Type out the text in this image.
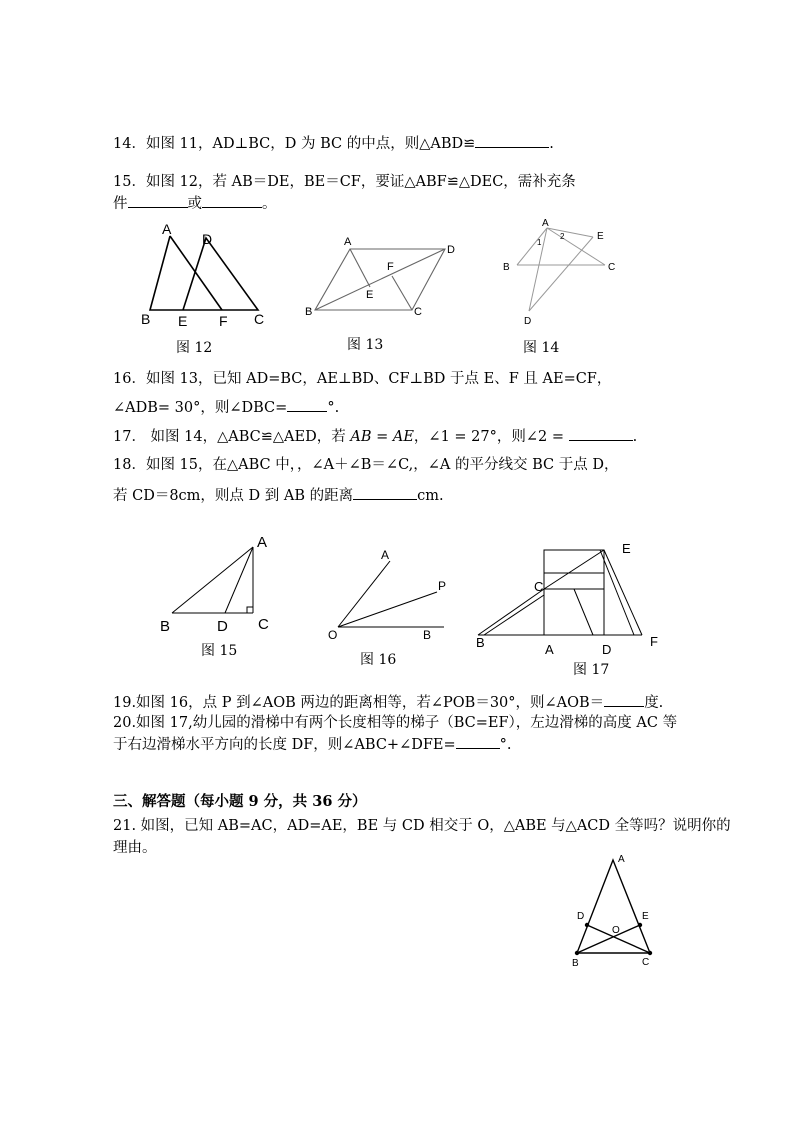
14．如图 11，AD⊥BC，D 为 BC 的中点，则△ABD≌	.
15．如图 12，若 AB＝DE，BE＝CF，要证△ABF≌△DEC，需补充条
件	或	。
A
D
B E F C
图 12
A
D
F
E
B	C
图 13
A
1
2	E
B	C
D
图 14
16．如图 13，已知 AD=BC，AE⊥BD、CF⊥BD 于点 E、F 且 AE=CF，
∠ADB= 30°，则∠DBC=	°.
17． 如图 14，△ABC≌△AED，若 AB = AE，∠1 = 27°，则∠2 =	.
18．如图 15，在△ABC 中，，∠A＋∠B＝∠C,，∠A 的平分线交 BC 于点 D，
若 CD＝8cm，则点 D 到 AB 的距离	cm.
A
B	D C
图 15
A
P
O	B
图 16
E
C
B	A	D
F
图 17
19.如图 16，点 P 到∠AOB 两边的距离相等，若∠POB＝30°，则∠AOB＝	度.
20.如图 17,幼儿园的滑梯中有两个长度相等的梯子（BC=EF），左边滑梯的高度 AC 等
于右边滑梯水平方向的长度 DF，则∠ABC+∠DFE=	°.
三、解答题（每小题 9 分，共 36 分）
21. 如图，已知 AB=AC，AD=AE，BE 与 CD 相交于 O，△ABE 与△ACD 全等吗？说明你的
理由。
A
D	E
O
B	C
